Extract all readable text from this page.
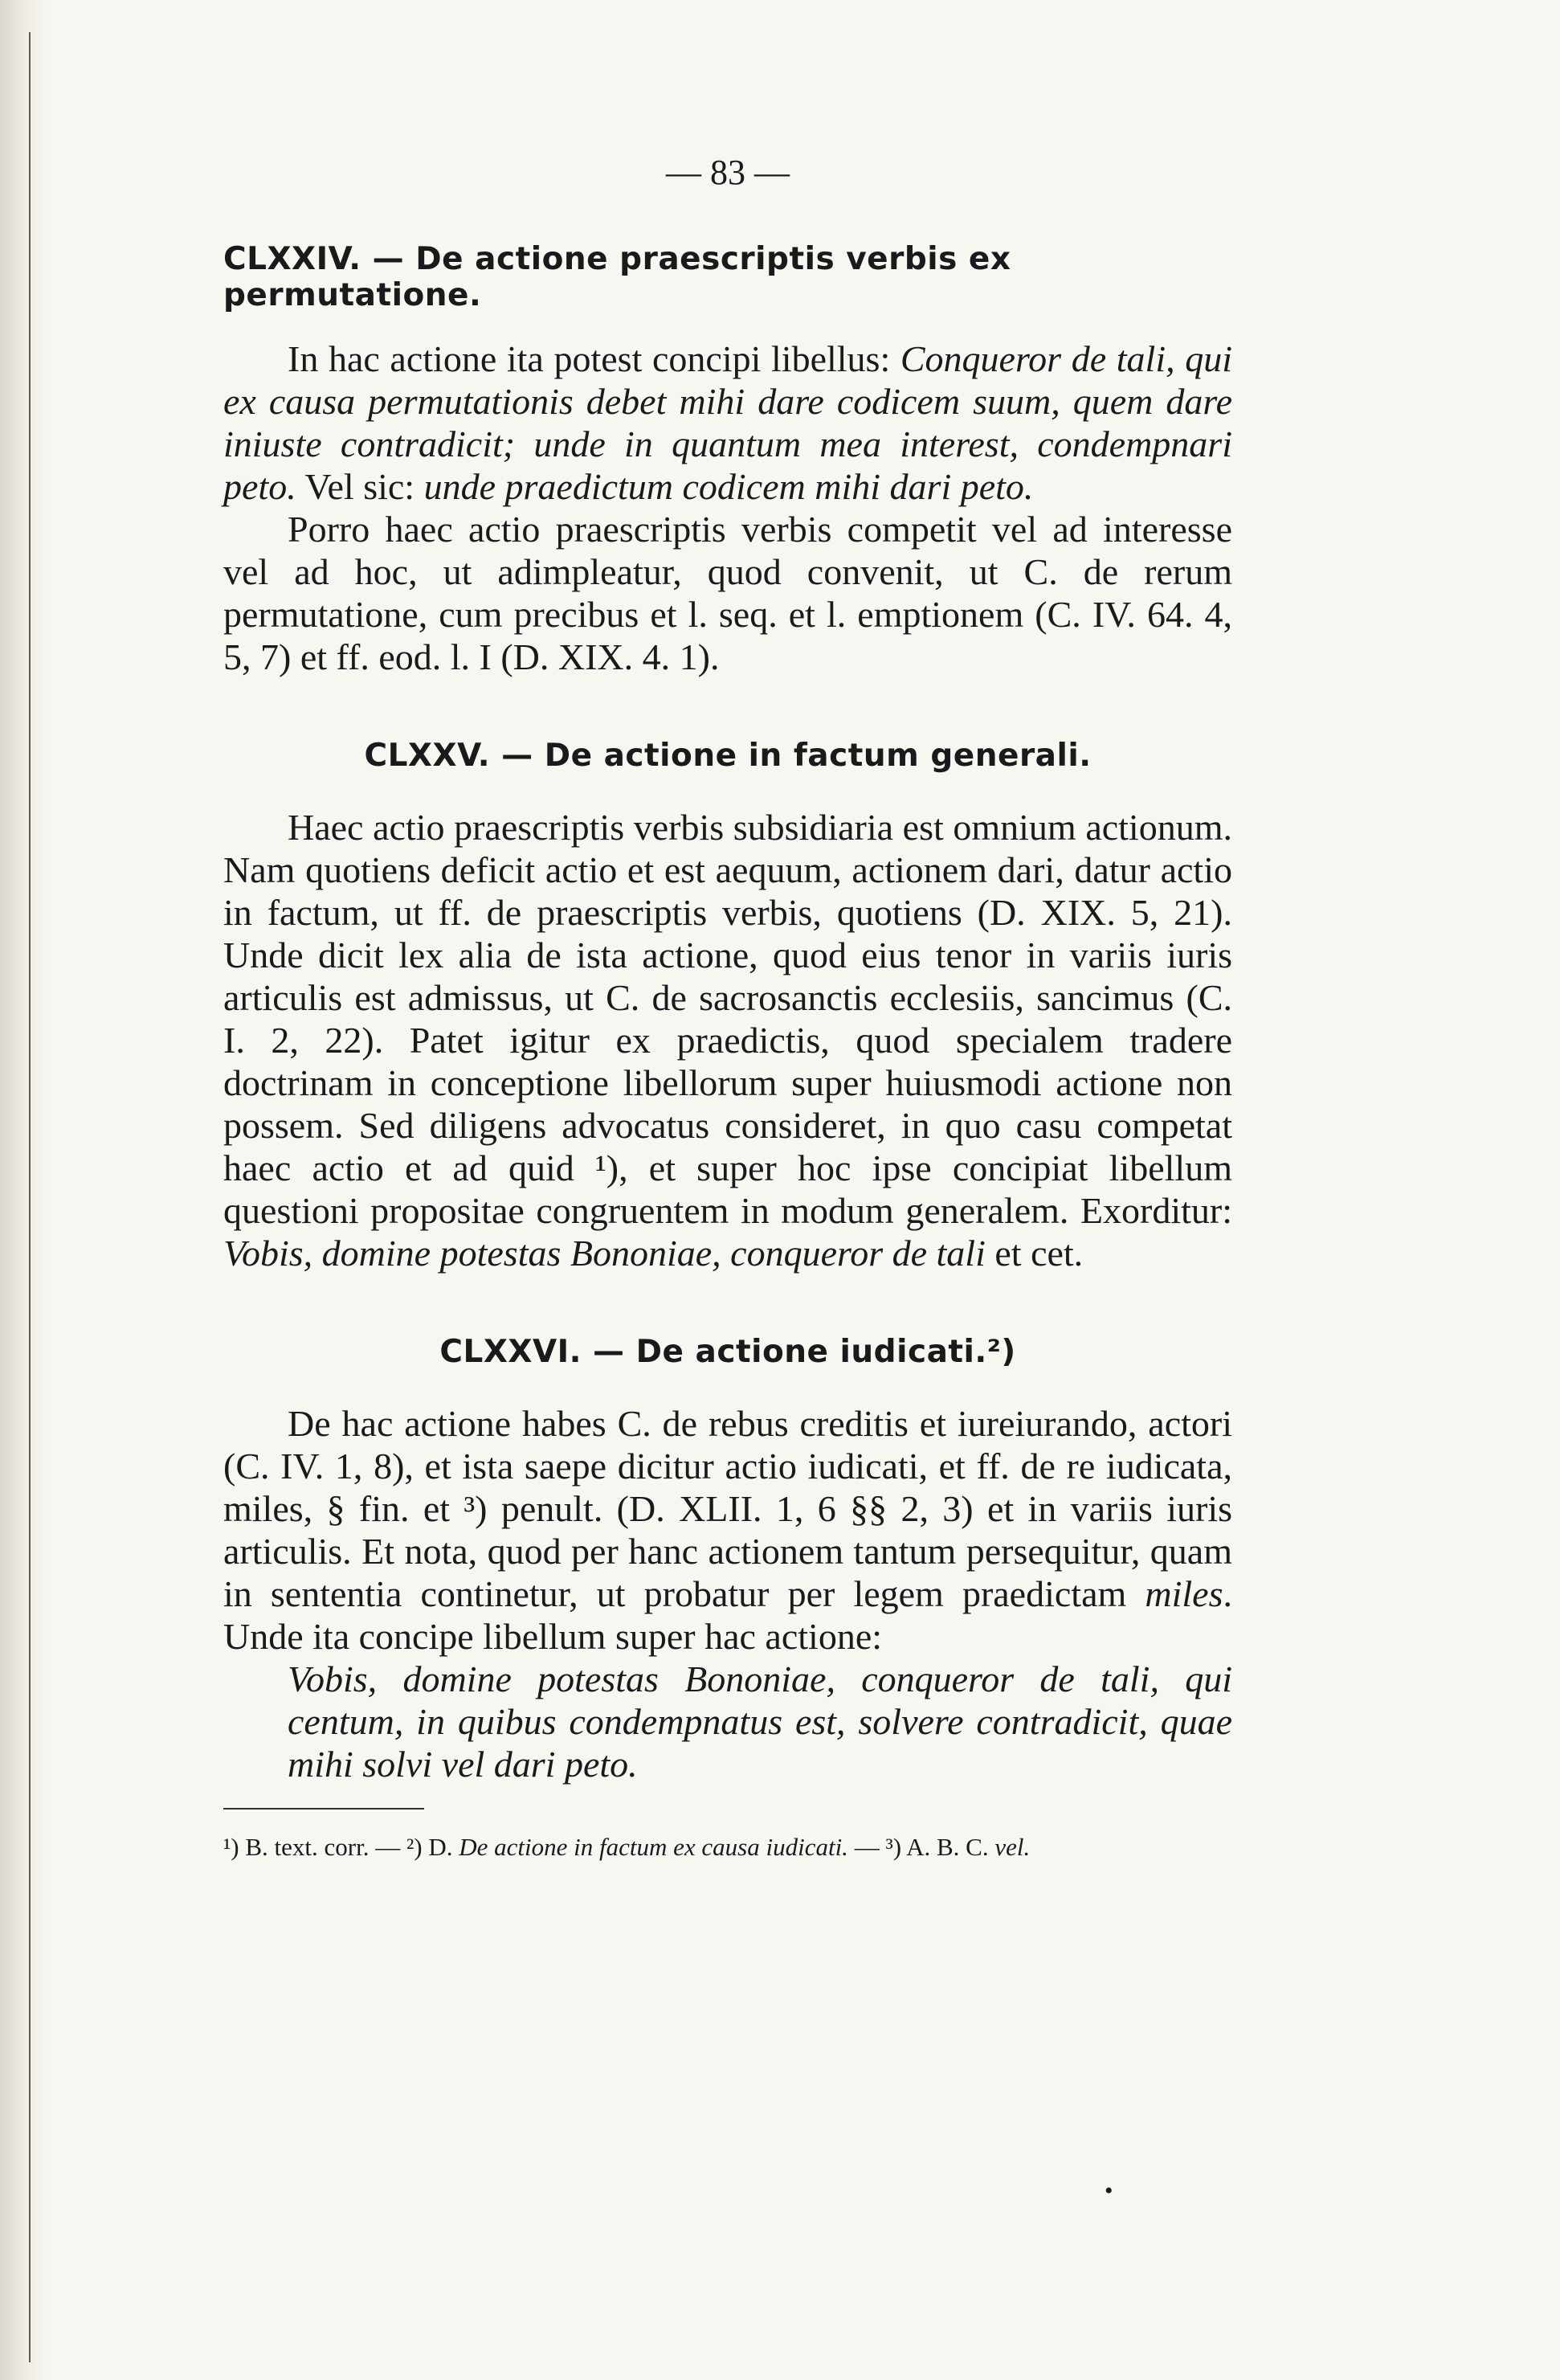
— 83 —
CLXXIV. — De actione praescriptis verbis ex permutatione.

In hac actione ita potest concipi libellus: Conqueror de tali, qui ex causa permutationis debet mihi dare codicem suum, quem dare iniuste contradicit; unde in quantum mea interest, condempnari peto. Vel sic: unde praedictum codicem mihi dari peto.

Porro haec actio praescriptis verbis competit vel ad interesse vel ad hoc, ut adimpleatur, quod convenit, ut C. de rerum permutatione, cum precibus et l. seq. et l. emptionem (C. IV. 64. 4, 5, 7) et ff. eod. l. I (D. XIX. 4. 1).

CLXXV. — De actione in factum generali.

Haec actio praescriptis verbis subsidiaria est omnium actionum. Nam quotiens deficit actio et est aequum, actionem dari, datur actio in factum, ut ff. de praescriptis verbis, quotiens (D. XIX. 5, 21). Unde dicit lex alia de ista actione, quod eius tenor in variis iuris articulis est admissus, ut C. de sacrosanctis ecclesiis, sancimus (C. I. 2, 22). Patet igitur ex praedictis, quod specialem tradere doctrinam in conceptione libellorum super huiusmodi actione non possem. Sed diligens advocatus consideret, in quo casu competat haec actio et ad quid ¹), et super hoc ipse concipiat libellum questioni propositae congruentem in modum generalem. Exorditur: Vobis, domine potestas Bononiae, conqueror de tali et cet.

CLXXVI. — De actione iudicati.²)

De hac actione habes C. de rebus creditis et iureiurando, actori (C. IV. 1, 8), et ista saepe dicitur actio iudicati, et ff. de re iudicata, miles, § fin. et ³) penult. (D. XLII. 1, 6 §§ 2, 3) et in variis iuris articulis. Et nota, quod per hanc actionem tantum persequitur, quam in sententia continetur, ut probatur per legem praedictam miles. Unde ita concipe libellum super hac actione:

Vobis, domine potestas Bononiae, conqueror de tali, qui centum, in quibus condempnatus est, solvere contradicit, quae mihi solvi vel dari peto.

¹) B. text. corr. — ²) D. De actione in factum ex causa iudicati. — ³) A. B. C. vel.

•
